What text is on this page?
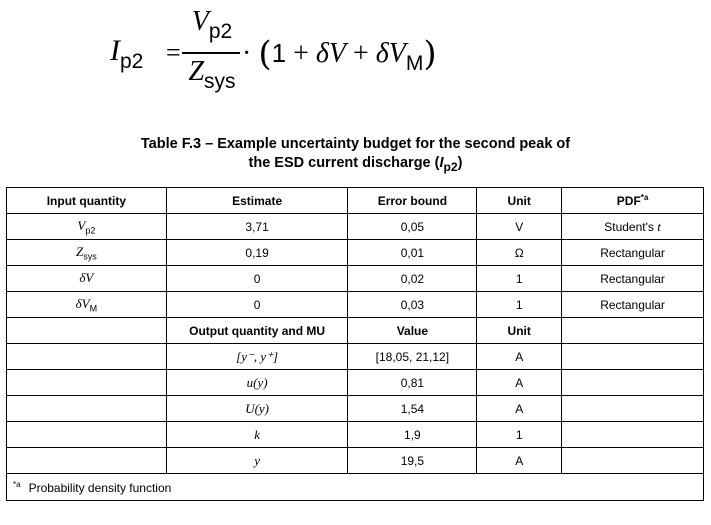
$I_{p2}$ =
$V_{p2}$
$Z_{sys}$
· $(1 + \delta V + \delta V_M)$
Table F.3 – Example uncertainty budget for the second peak of
the ESD current discharge $(I_{p2})$
Input quantity	Estimate	Error bound	Unit	PDF$^{*a}$
$V_{p2}$	3,71	0,05	V	Student's t
$Z_{sys}$	0,19	0,01	Ω	Rectangular
δV	0	0,02	1	Rectangular
$\delta V_M$	0	0,03	1	Rectangular
	Output quantity and MU	Value	Unit	
	[y⁻, y⁺]	[18,05, 21,12]	A	
	u(y)	0,81	A	
	U(y)	1,54	A	
	k	1,9	1	
	y	19,5	A	
$^{*a}$ Probability density function				
